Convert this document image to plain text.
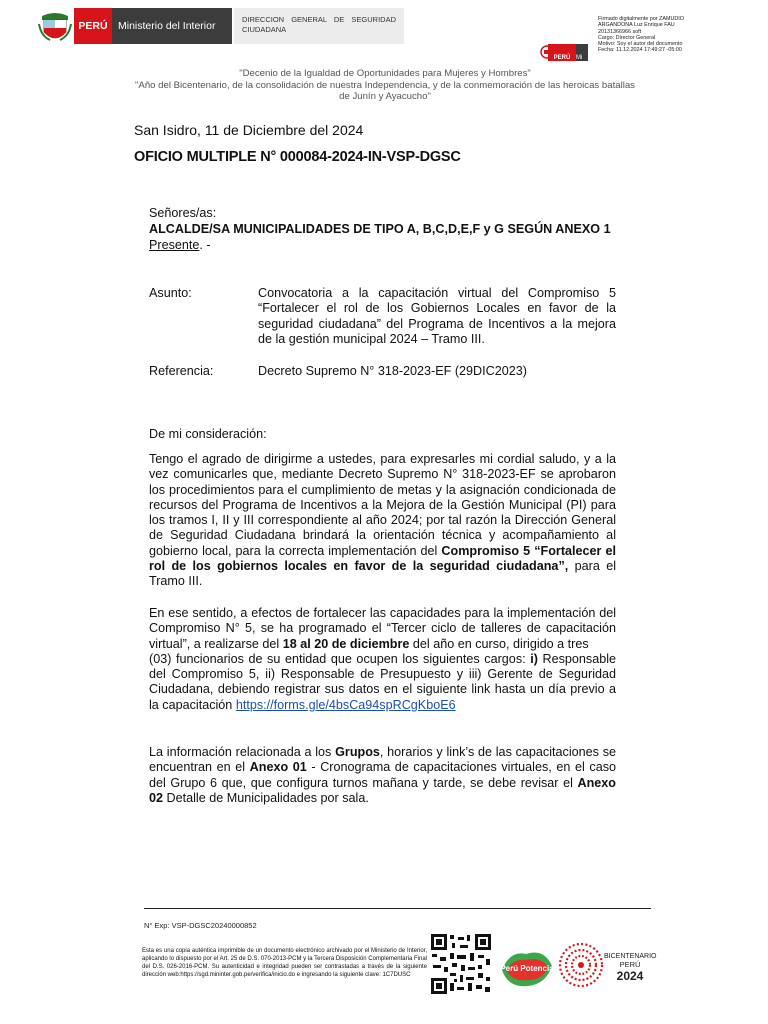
PERÚ Ministerio del Interior
DIRECCION GENERAL DE SEGURIDAD CIUDADANA
Firmado digitalmente por ZAMUDIO
ARGANDONA Luz Enrique FAU
20131366966 soft
Cargo: Director General
Motivo: Soy el autor del documento
Fecha: 11.12.2024 17:49:27 -05:00
PERÚ Mi
"Decenio de la Igualdad de Oportunidades para Mujeres y Hombres"
"Año del Bicentenario, de la consolidación de nuestra Independencia, y de la conmemoración de las heroicas batallas de Junín y Ayacucho"
San Isidro, 11 de Diciembre del 2024
OFICIO MULTIPLE N° 000084-2024-IN-VSP-DGSC
Señores/as:
ALCALDE/SA MUNICIPALIDADES DE TIPO A, B,C,D,E,F y G SEGÚN ANEXO 1
Presente. -
Asunto:	Convocatoria a la capacitación virtual del Compromiso 5 “Fortalecer el rol de los Gobiernos Locales en favor de la seguridad ciudadana” del Programa de Incentivos a la mejora de la gestión municipal 2024 – Tramo III.
Referencia:	Decreto Supremo N° 318-2023-EF (29DIC2023)
De mi consideración:
Tengo el agrado de dirigirme a ustedes, para expresarles mi cordial saludo, y a la vez comunicarles que, mediante Decreto Supremo N° 318-2023-EF se aprobaron los procedimientos para el cumplimiento de metas y la asignación condicionada de recursos del Programa de Incentivos a la Mejora de la Gestión Municipal (PI) para los tramos I, II y III correspondiente al año 2024; por tal razón la Dirección General de Seguridad Ciudadana brindará la orientación técnica y acompañamiento al gobierno local, para la correcta implementación del Compromiso 5 “Fortalecer el rol de los gobiernos locales en favor de la seguridad ciudadana”, para el Tramo III.
En ese sentido, a efectos de fortalecer las capacidades para la implementación del Compromiso N° 5, se ha programado el “Tercer ciclo de talleres de capacitación virtual”, a realizarse del 18 al 20 de diciembre del año en curso, dirigido a tres
(03) funcionarios de su entidad que ocupen los siguientes cargos: i) Responsable del Compromiso 5, ii) Responsable de Presupuesto y iii) Gerente de Seguridad Ciudadana, debiendo registrar sus datos en el siguiente link hasta un día previo a la capacitación https://forms.gle/4bsCa94spRCgKboE6
La información relacionada a los Grupos, horarios y link’s de las capacitaciones se encuentran en el Anexo 01 - Cronograma de capacitaciones virtuales, en el caso del Grupo 6 que, que configura turnos mañana y tarde, se debe revisar el Anexo 02 Detalle de Municipalidades por sala.
N° Exp: VSP-DGSC20240000852
Esta es una copia auténtica imprimible de un documento electrónico archivado por el Ministerio de Interior, aplicando lo dispuesto por el Art. 25 de D.S. 070-2013-PCM y la Tercera Disposición Complementaria Final del D.S. 026-2016-PCM. Su autenticidad e integridad pueden ser contrastadas a través de la siguiente dirección web:https://sgd.mininter.gob.pe/verifica/inicio.do e ingresando la siguiente clave: 1C7DUSC
Perú Potencia
BICENTENARIO
PERÚ
2024
